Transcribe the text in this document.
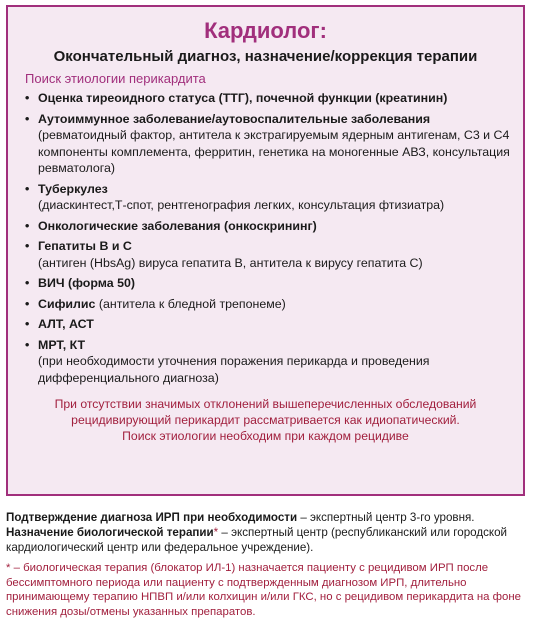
Кардиолог:
Окончательный диагноз, назначение/коррекция терапии
Поиск этиологии перикардита
• Оценка тиреоидного статуса (ТТГ), почечной функции (креатинин)
• Аутоиммунное заболевание/аутовоспалительные заболевания
(ревматоидный фактор, антитела к экстрагируемым ядерным антигенам, С3 и С4 компоненты комплемента, ферритин, генетика на моногенные АВЗ, консультация ревматолога)
• Туберкулез
(диаскинтест,Т-спот, рентгенография легких, консультация фтизиатра)
• Онкологические заболевания (онкоскрининг)
• Гепатиты В и С
(антиген (HbsAg) вируса гепатита В, антитела к вирусу гепатита С)
• ВИЧ (форма 50)
• Сифилис (антитела к бледной трепонеме)
• АЛТ, АСТ
• МРТ, КТ
(при необходимости уточнения поражения перикарда и проведения дифференциального диагноза)
При отсутствии значимых отклонений вышеперечисленных обследований
рецидивирующий перикардит рассматривается как идиопатический.
Поиск этиологии необходим при каждом рецидиве

Подтверждение диагноза ИРП при необходимости – экспертный центр 3-го уровня.

Назначение биологической терапии* – экспертный центр (республиканский или городской кардиологический центр или федеральное учреждение).

* – биологическая терапия (блокатор ИЛ-1) назначается пациенту с рецидивом ИРП после бессимптомного периода или пациенту с подтвержденным диагнозом ИРП, длительно принимающему терапию НПВП и/или колхицин и/или ГКС, но с рецидивом перикардита на фоне снижения дозы/отмены указанных препаратов.
